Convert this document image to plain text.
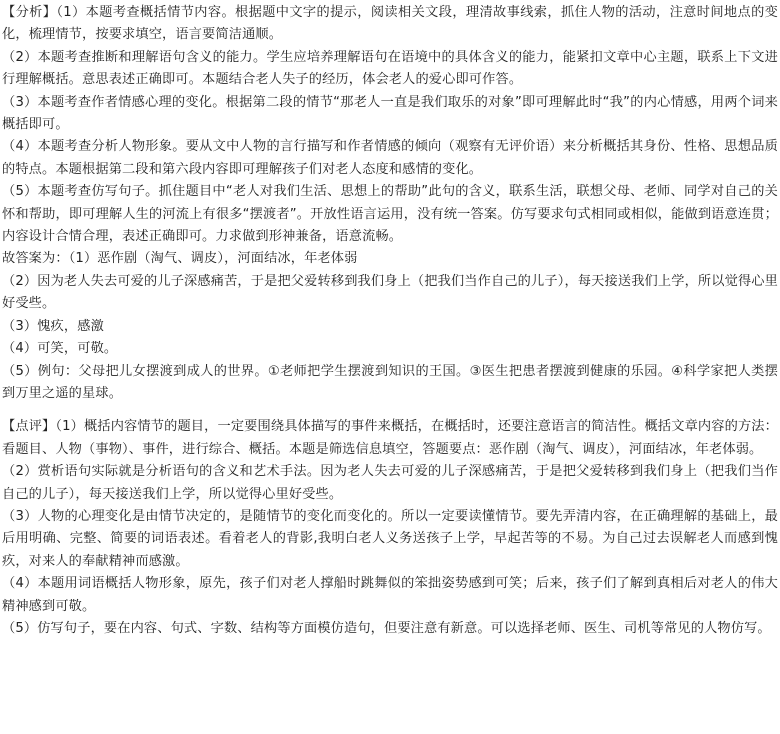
【分析】（1）本题考查概括情节内容。根据题中文字的提示，阅读相关文段，理清故事线索，抓住人物的活动，注意时间地点的变化，梳理情节，按要求填空，语言要简洁通顺。

（2）本题考查推断和理解语句含义的能力。学生应培养理解语句在语境中的具体含义的能力，能紧扣文章中心主题，联系上下文进行理解概括。意思表述正确即可。本题结合老人失子的经历，体会老人的爱心即可作答。

（3）本题考查作者情感心理的变化。根据第二段的情节“那老人一直是我们取乐的对象”即可理解此时“我”的内心情感，用两个词来概括即可。

（4）本题考查分析人物形象。要从文中人物的言行描写和作者情感的倾向（观察有无评价语）来分析概括其身份、性格、思想品质的特点。本题根据第二段和第六段内容即可理解孩子们对老人态度和感情的变化。

（5）本题考查仿写句子。抓住题目中“老人对我们生活、思想上的帮助”此句的含义，联系生活，联想父母、老师、同学对自己的关怀和帮助，即可理解人生的河流上有很多“摆渡者”。开放性语言运用，没有统一答案。仿写要求句式相同或相似，能做到语意连贯；内容设计合情合理，表述正确即可。力求做到形神兼备，语意流畅。

故答案为：（1）恶作剧（淘气、调皮），河面结冰，年老体弱

（2）因为老人失去可爱的儿子深感痛苦，于是把父爱转移到我们身上（把我们当作自己的儿子），每天接送我们上学，所以觉得心里好受些。

（3）愧疚，感激

（4）可笑，可敬。

（5）例句：父母把儿女摆渡到成人的世界。①老师把学生摆渡到知识的王国。③医生把患者摆渡到健康的乐园。④科学家把人类摆到万里之遥的星球。

【点评】（1）概括内容情节的题目，一定要围绕具体描写的事件来概括，在概括时，还要注意语言的简洁性。概括文章内容的方法：看题目、人物（事物）、事件，进行综合、概括。本题是筛选信息填空，答题要点：恶作剧（淘气、调皮），河面结冰，年老体弱。

（2）赏析语句实际就是分析语句的含义和艺术手法。因为老人失去可爱的儿子深感痛苦，于是把父爱转移到我们身上（把我们当作自己的儿子），每天接送我们上学，所以觉得心里好受些。

（3）人物的心理变化是由情节决定的，是随情节的变化而变化的。所以一定要读懂情节。要先弄清内容，在正确理解的基础上，最后用明确、完整、简要的词语表述。看着老人的背影,我明白老人义务送孩子上学，早起苦等的不易。为自己过去误解老人而感到愧疚，对来人的奉献精神而感激。

（4）本题用词语概括人物形象，原先，孩子们对老人撑船时跳舞似的笨拙姿势感到可笑；后来，孩子们了解到真相后对老人的伟大精神感到可敬。

（5）仿写句子，要在内容、句式、字数、结构等方面模仿造句，但要注意有新意。可以选择老师、医生、司机等常见的人物仿写。
